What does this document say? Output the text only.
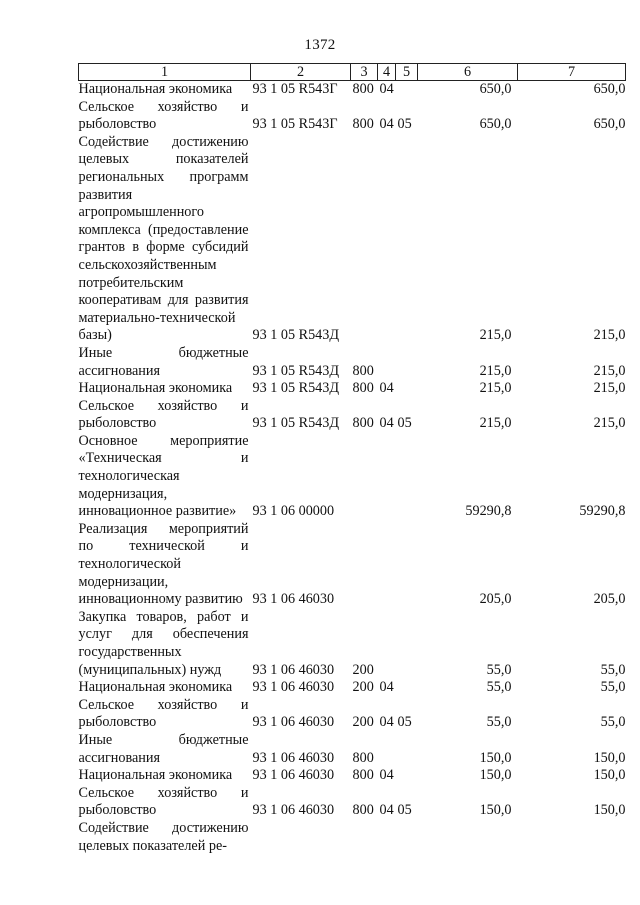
1372
1	2	3	4	5	6	7
Национальная экономика	93 1 05 R543Г	800	04		650,0	650,0
Сельское хозяйство и рыболовство	93 1 05 R543Г	800	04	05	650,0	650,0
Содействие достижению целевых показателей региональных программ развития агропромышленного комплекса (предоставление грантов в форме субсидий сельскохозяйственным потребительским кооперативам для развития материально-технической базы)	93 1 05 R543Д				215,0	215,0
Иные бюджетные ассигнования	93 1 05 R543Д	800			215,0	215,0
Национальная экономика	93 1 05 R543Д	800	04		215,0	215,0
Сельское хозяйство и рыболовство	93 1 05 R543Д	800	04	05	215,0	215,0
Основное мероприятие «Техническая и технологическая модернизация, инновационное развитие»	93 1 06 00000				59290,8	59290,8
Реализация мероприятий по технической и технологической модернизации, инновационному развитию	93 1 06 46030				205,0	205,0
Закупка товаров, работ и услуг для обеспечения государственных (муниципальных) нужд	93 1 06 46030	200			55,0	55,0
Национальная экономика	93 1 06 46030	200	04		55,0	55,0
Сельское хозяйство и рыболовство	93 1 06 46030	200	04	05	55,0	55,0
Иные бюджетные ассигнования	93 1 06 46030	800			150,0	150,0
Национальная экономика	93 1 06 46030	800	04		150,0	150,0
Сельское хозяйство и рыболовство	93 1 06 46030	800	04	05	150,0	150,0
Содействие достижению целевых показателей ре-						
